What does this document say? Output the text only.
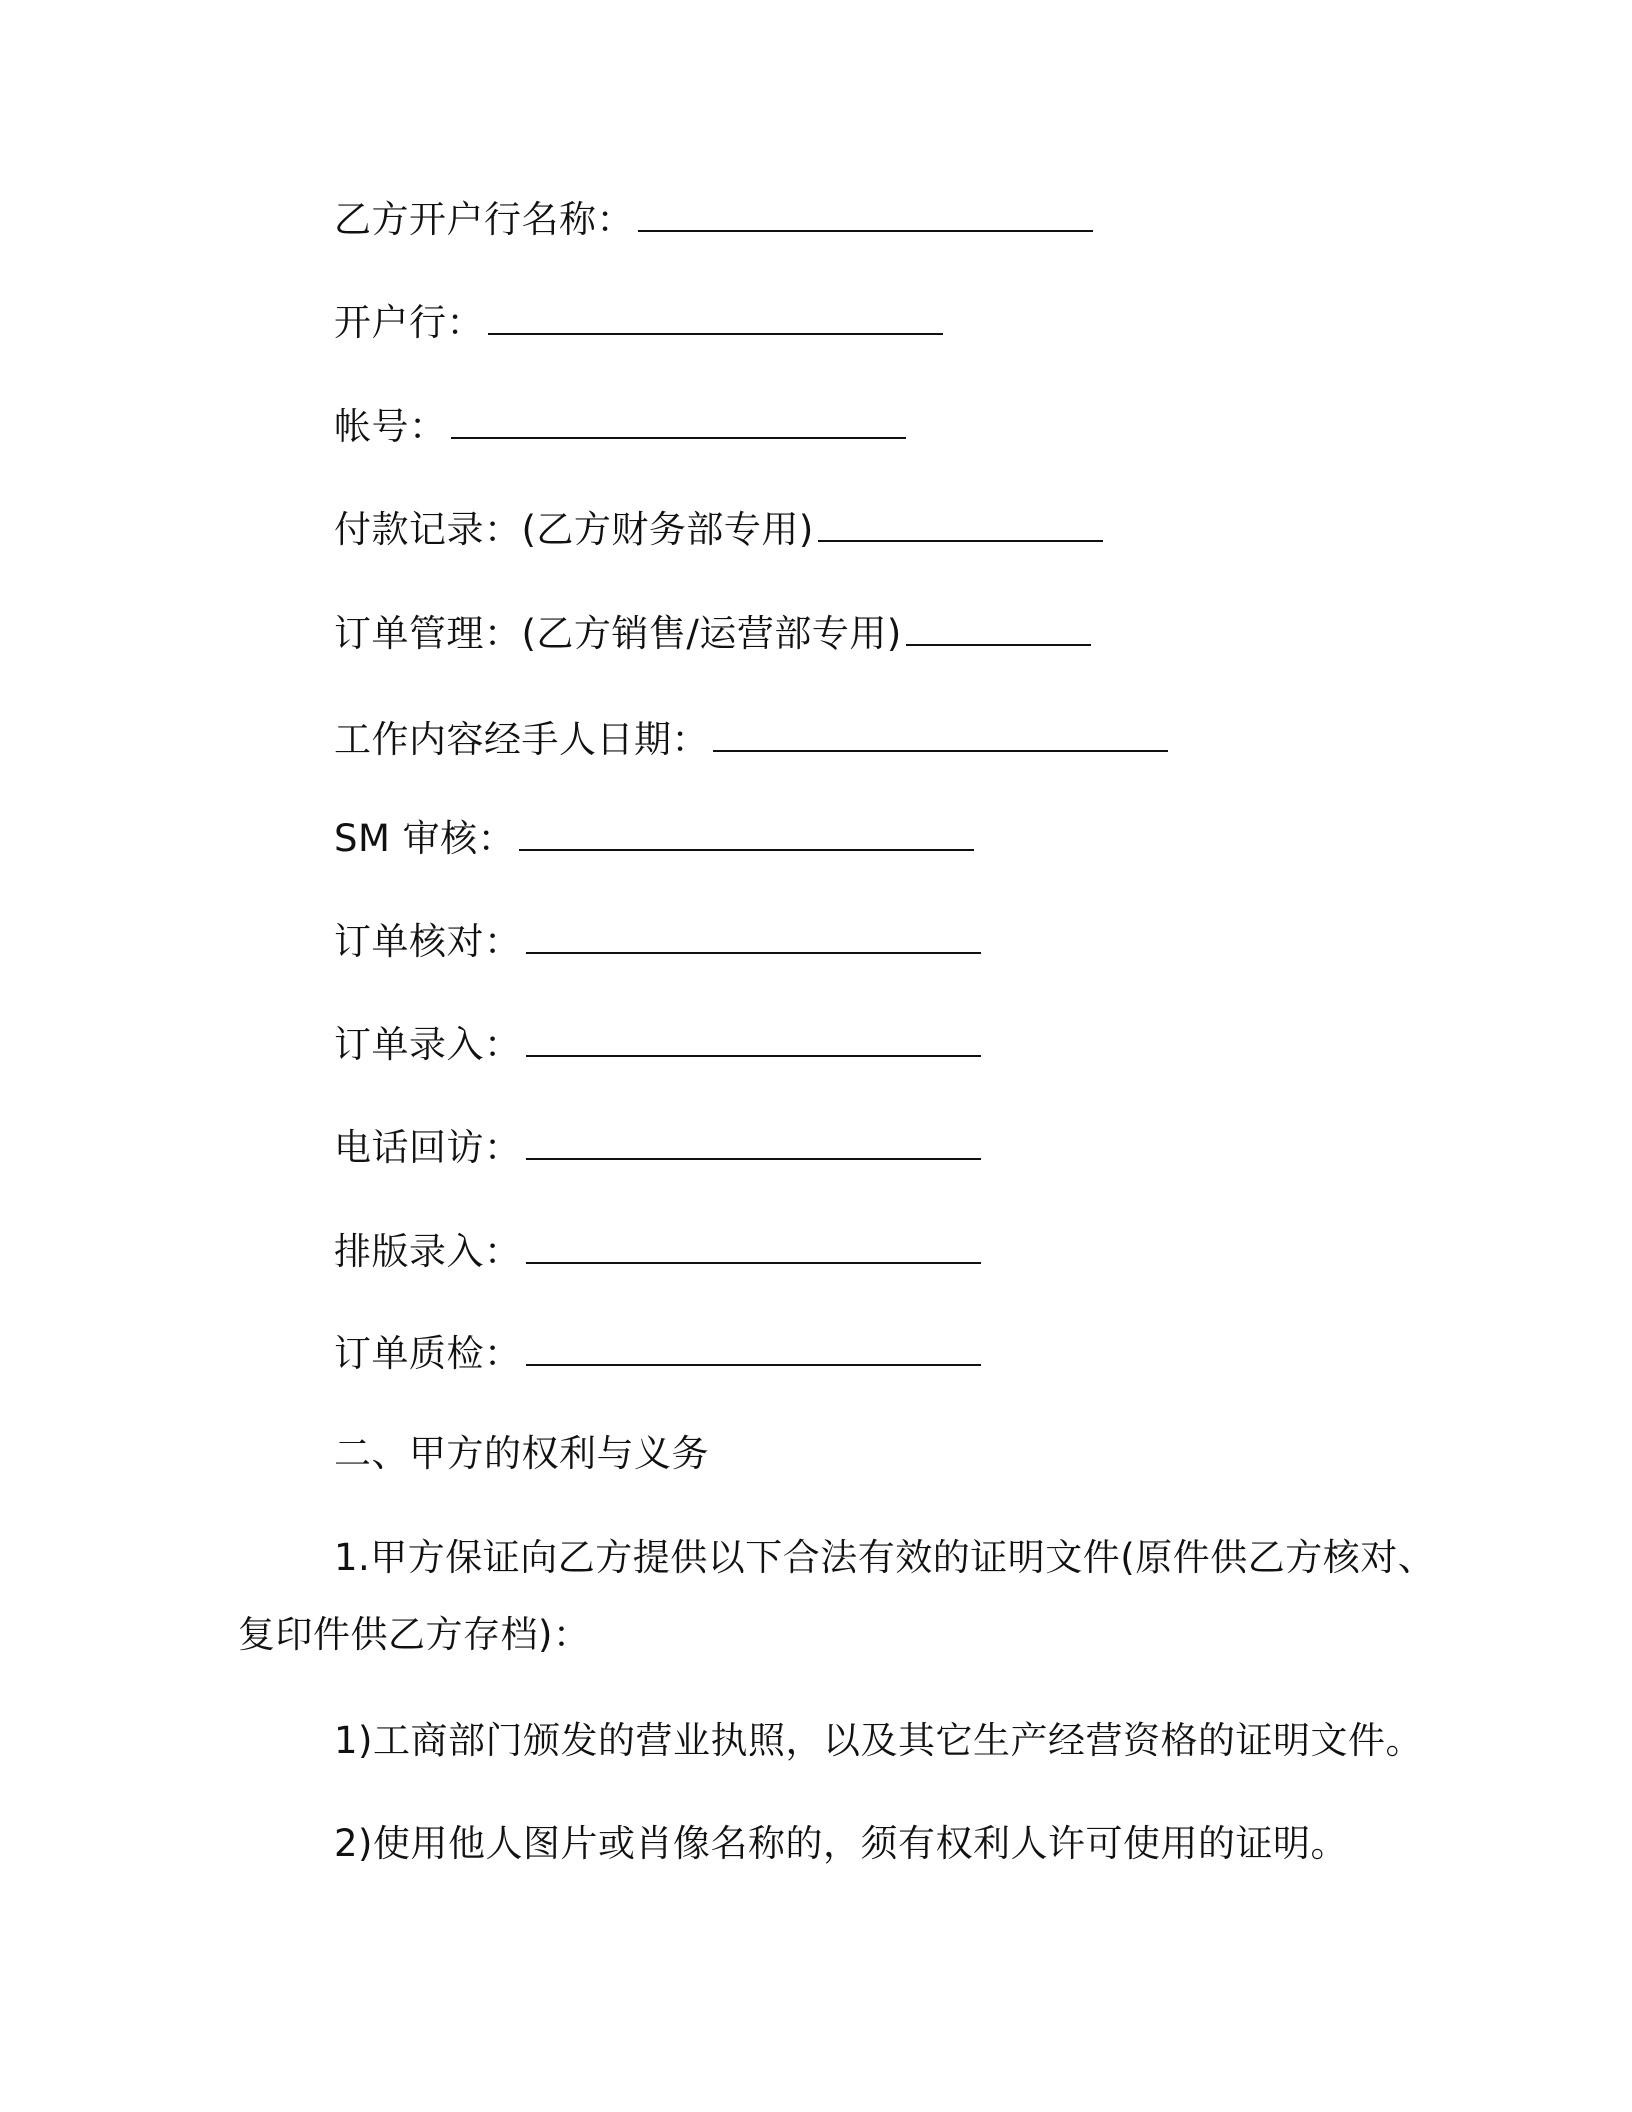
乙方开户行名称：
开户行：
帐号：
付款记录：(乙方财务部专用)
订单管理：(乙方销售/运营部专用)
工作内容经手人日期：
SM 审核：
订单核对：
订单录入：
电话回访：
排版录入：
订单质检：
二、甲方的权利与义务
1.甲方保证向乙方提供以下合法有效的证明文件(原件供乙方核对、
复印件供乙方存档)：
1)工商部门颁发的营业执照，以及其它生产经营资格的证明文件。
2)使用他人图片或肖像名称的，须有权利人许可使用的证明。
